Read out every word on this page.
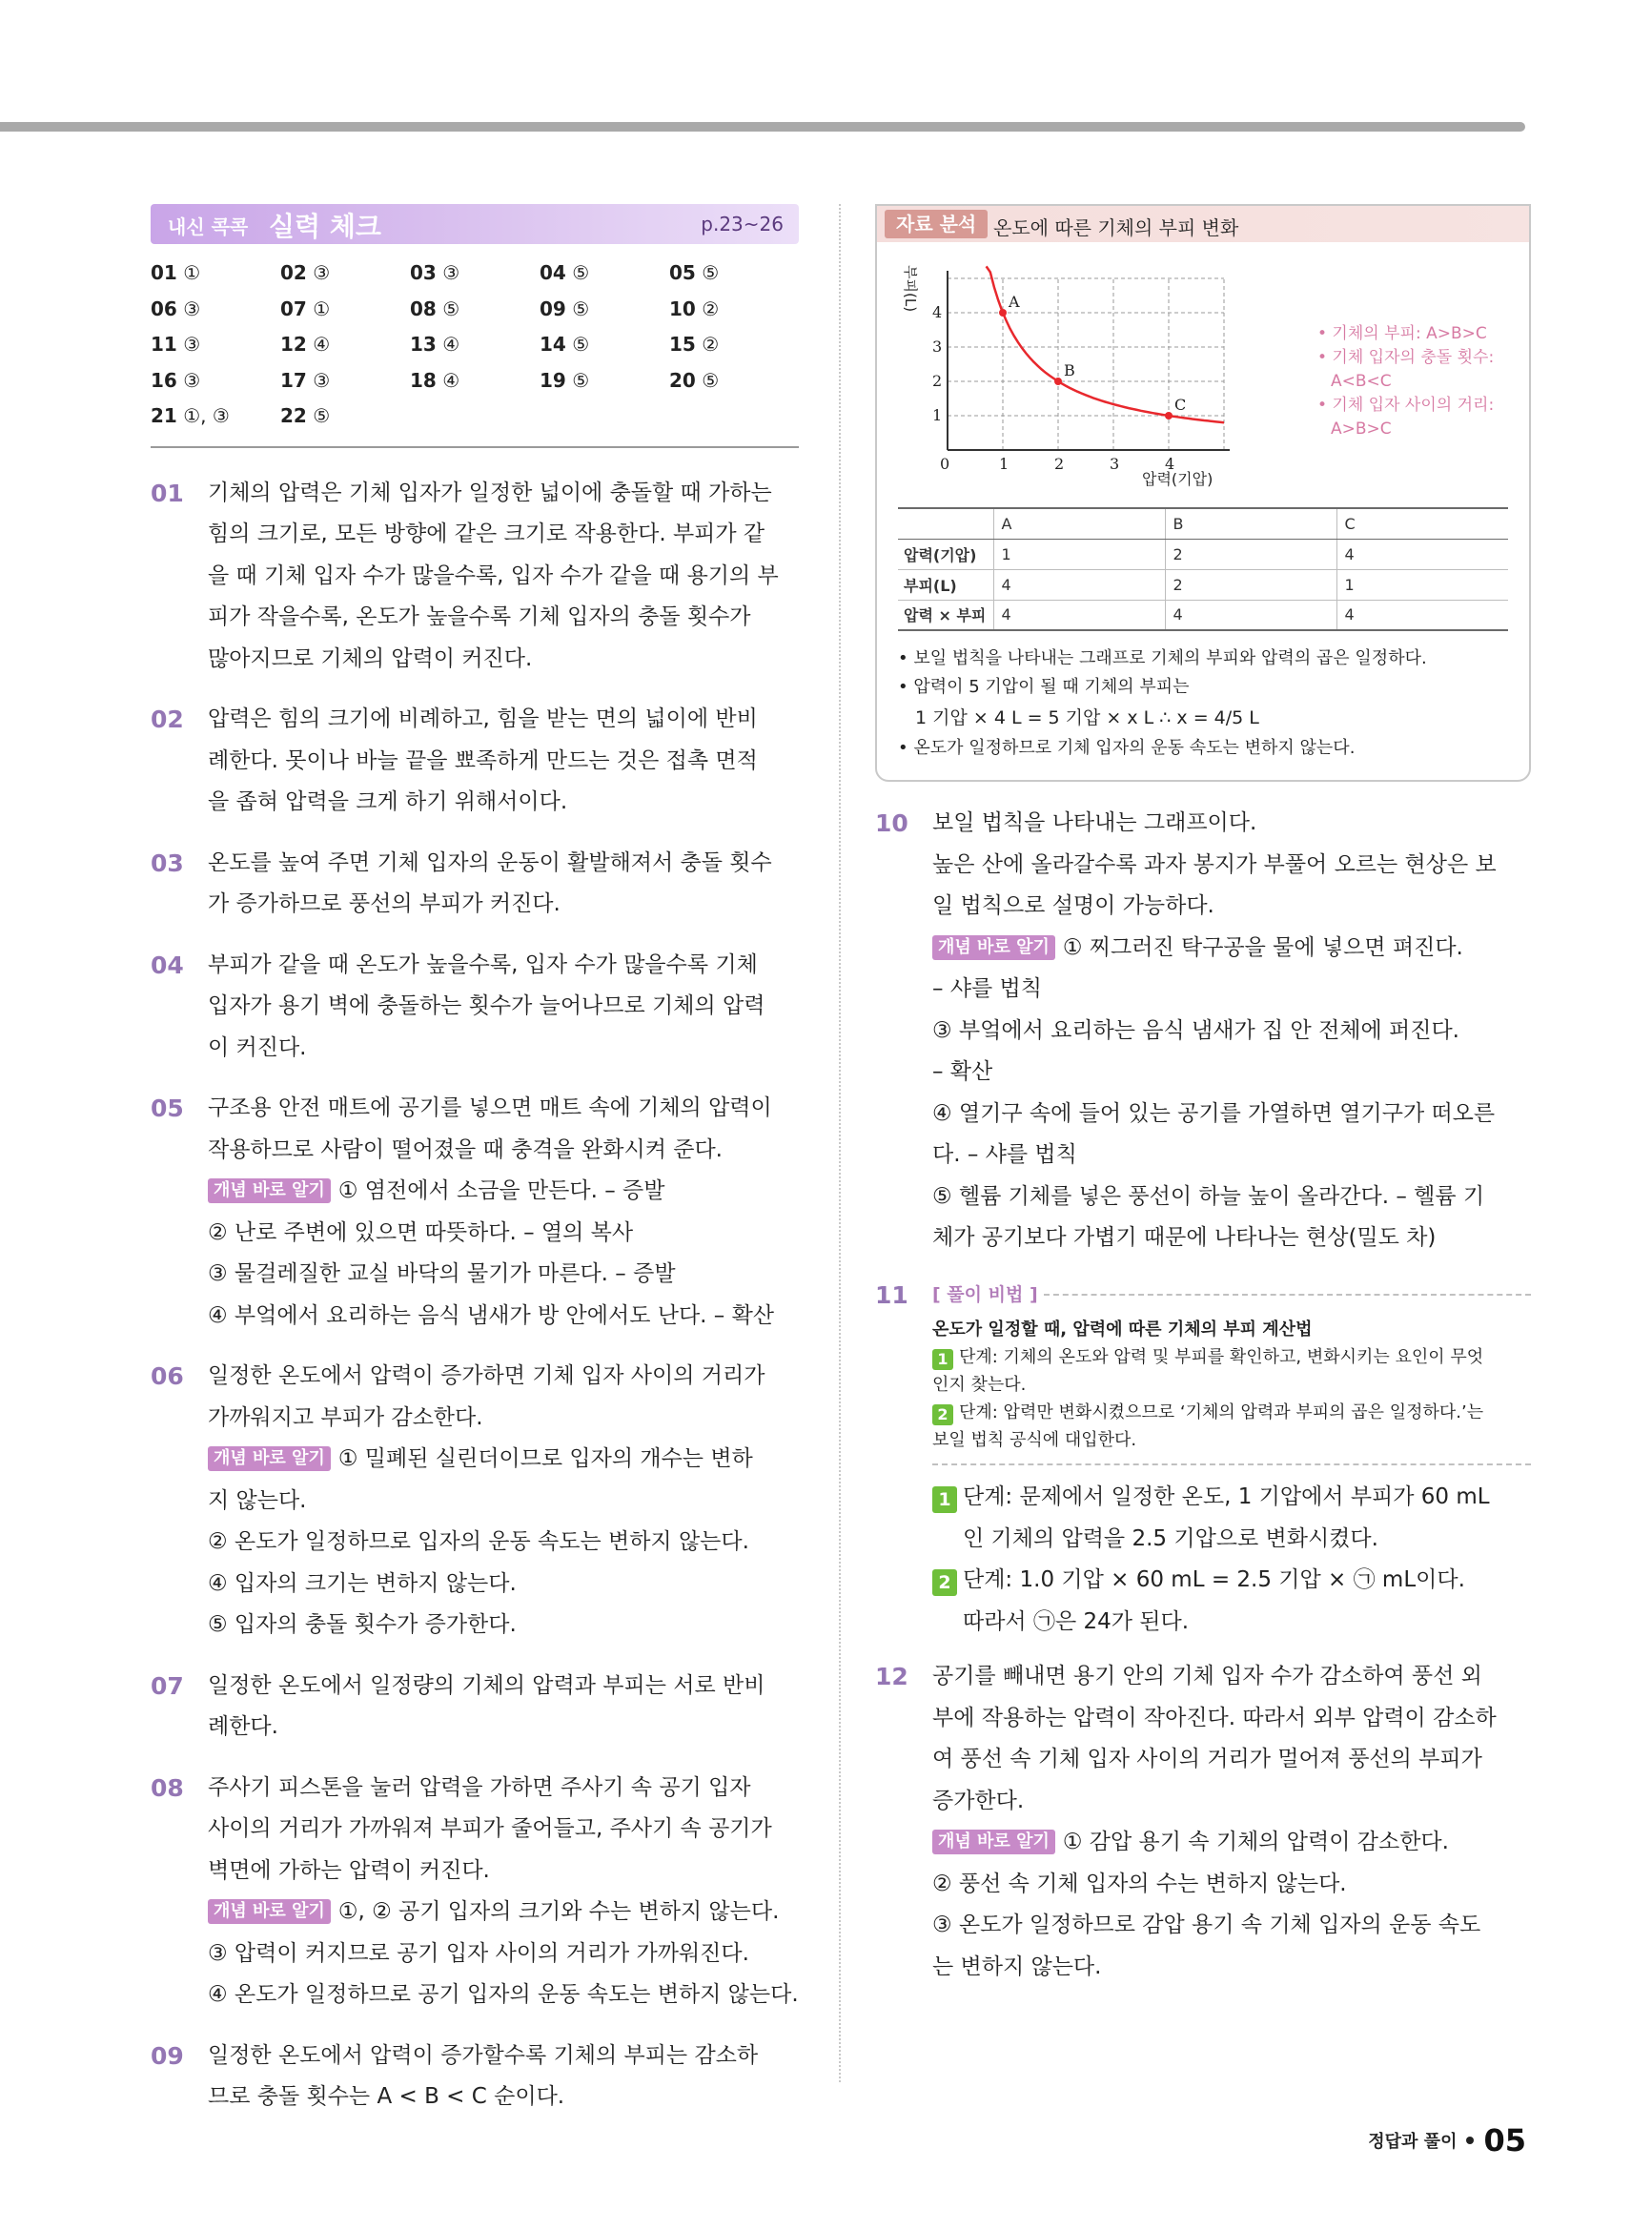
내신 콕콕 실력 체크	p.23~26
01 ①	02 ③	03 ③	04 ⑤	05 ⑤
06 ③	07 ①	08 ⑤	09 ⑤	10 ②
11 ③	12 ④	13 ④	14 ⑤	15 ②
16 ③	17 ③	18 ④	19 ⑤	20 ⑤
21 ①, ③	22 ⑤
01 기체의 압력은 기체 입자가 일정한 넓이에 충돌할 때 가하는
힘의 크기로, 모든 방향에 같은 크기로 작용한다. 부피가 같
을 때 기체 입자 수가 많을수록, 입자 수가 같을 때 용기의 부
피가 작을수록, 온도가 높을수록 기체 입자의 충돌 횟수가
많아지므로 기체의 압력이 커진다.
02 압력은 힘의 크기에 비례하고, 힘을 받는 면의 넓이에 반비
례한다. 못이나 바늘 끝을 뾰족하게 만드는 것은 접촉 면적
을 좁혀 압력을 크게 하기 위해서이다.
03 온도를 높여 주면 기체 입자의 운동이 활발해져서 충돌 횟수
가 증가하므로 풍선의 부피가 커진다.
04 부피가 같을 때 온도가 높을수록, 입자 수가 많을수록 기체
입자가 용기 벽에 충돌하는 횟수가 늘어나므로 기체의 압력
이 커진다.
05 구조용 안전 매트에 공기를 넣으면 매트 속에 기체의 압력이
작용하므로 사람이 떨어졌을 때 충격을 완화시켜 준다.
개념 바로 알기 ① 염전에서 소금을 만든다. – 증발
② 난로 주변에 있으면 따뜻하다. – 열의 복사
③ 물걸레질한 교실 바닥의 물기가 마른다. – 증발
④ 부엌에서 요리하는 음식 냄새가 방 안에서도 난다. – 확산
06 일정한 온도에서 압력이 증가하면 기체 입자 사이의 거리가
가까워지고 부피가 감소한다.
개념 바로 알기 ① 밀폐된 실린더이므로 입자의 개수는 변하
지 않는다.
② 온도가 일정하므로 입자의 운동 속도는 변하지 않는다.
④ 입자의 크기는 변하지 않는다.
⑤ 입자의 충돌 횟수가 증가한다.
07 일정한 온도에서 일정량의 기체의 압력과 부피는 서로 반비
례한다.
08 주사기 피스톤을 눌러 압력을 가하면 주사기 속 공기 입자
사이의 거리가 가까워져 부피가 줄어들고, 주사기 속 공기가
벽면에 가하는 압력이 커진다.
개념 바로 알기 ①, ② 공기 입자의 크기와 수는 변하지 않는다.
③ 압력이 커지므로 공기 입자 사이의 거리가 가까워진다.
④ 온도가 일정하므로 공기 입자의 운동 속도는 변하지 않는다.
09 일정한 온도에서 압력이 증가할수록 기체의 부피는 감소하
므로 충돌 횟수는 A < B < C 순이다.
자료 분석 온도에 따른 기체의 부피 변화
A
B
C
0	1	2	3	4
1
2
3
4
압력(기압)
부피(L)
• 기체의 부피: A>B>C
• 기체 입자의 충돌 횟수:
A<B<C
• 기체 입자 사이의 거리:
A>B>C
	A	B	C
압력(기압)	1	2	4
부피(L)	4	2	1
압력 × 부피	4	4	4
• 보일 법칙을 나타내는 그래프로 기체의 부피와 압력의 곱은 일정하다.
• 압력이 5 기압이 될 때 기체의 부피는
1 기압 × 4 L = 5 기압 × x L ∴ x = 4/5 L
• 온도가 일정하므로 기체 입자의 운동 속도는 변하지 않는다.
10 보일 법칙을 나타내는 그래프이다.
높은 산에 올라갈수록 과자 봉지가 부풀어 오르는 현상은 보
일 법칙으로 설명이 가능하다.
개념 바로 알기 ① 찌그러진 탁구공을 물에 넣으면 펴진다.
– 샤를 법칙
③ 부엌에서 요리하는 음식 냄새가 집 안 전체에 퍼진다.
– 확산
④ 열기구 속에 들어 있는 공기를 가열하면 열기구가 떠오른
다. – 샤를 법칙
⑤ 헬륨 기체를 넣은 풍선이 하늘 높이 올라간다. – 헬륨 기
체가 공기보다 가볍기 때문에 나타나는 현상(밀도 차)
11 [ 풀이 비법 ]
온도가 일정할 때, 압력에 따른 기체의 부피 계산법
1 단계: 기체의 온도와 압력 및 부피를 확인하고, 변화시키는 요인이 무엇
인지 찾는다.
2 단계: 압력만 변화시켰으므로 ‘기체의 압력과 부피의 곱은 일정하다.’는
보일 법칙 공식에 대입한다.
1 단계: 문제에서 일정한 온도, 1 기압에서 부피가 60 mL
인 기체의 압력을 2.5 기압으로 변화시켰다.
2 단계: 1.0 기압 × 60 mL = 2.5 기압 × ㉠ mL이다.
따라서 ㉠은 24가 된다.
12 공기를 빼내면 용기 안의 기체 입자 수가 감소하여 풍선 외
부에 작용하는 압력이 작아진다. 따라서 외부 압력이 감소하
여 풍선 속 기체 입자 사이의 거리가 멀어져 풍선의 부피가
증가한다.
개념 바로 알기 ① 감압 용기 속 기체의 압력이 감소한다.
② 풍선 속 기체 입자의 수는 변하지 않는다.
③ 온도가 일정하므로 감압 용기 속 기체 입자의 운동 속도
는 변하지 않는다.
정답과 풀이 05
